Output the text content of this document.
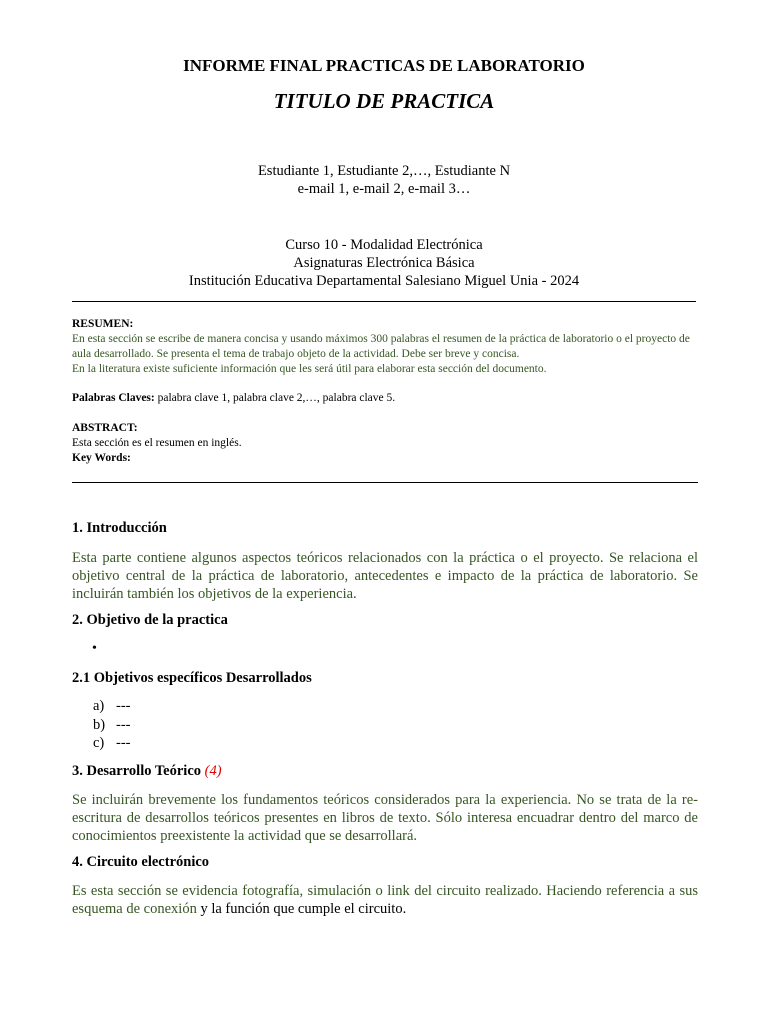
INFORME FINAL PRACTICAS DE LABORATORIO
TITULO DE PRACTICA
Estudiante 1, Estudiante 2,…, Estudiante N
e-mail 1, e-mail 2, e-mail 3…
Curso 10 - Modalidad Electrónica
Asignaturas Electrónica Básica
Institución Educativa Departamental Salesiano Miguel Unia - 2024
RESUMEN:
En esta sección se escribe de manera concisa y usando máximos 300 palabras el resumen de la práctica de laboratorio o el proyecto de aula desarrollado. Se presenta el tema de trabajo objeto de la actividad. Debe ser breve y concisa.
En la literatura existe suficiente información que les será útil para elaborar esta sección del documento.
Palabras Claves: palabra clave 1, palabra clave 2,…, palabra clave 5.
ABSTRACT:
Esta sección es el resumen en inglés.
Key Words:
1. Introducción
Esta parte contiene algunos aspectos teóricos relacionados con la práctica o el proyecto. Se relaciona el objetivo central de la práctica de laboratorio, antecedentes e impacto de la práctica de laboratorio. Se incluirán también los objetivos de la experiencia.
2. Objetivo de la practica
•
2.1 Objetivos específicos Desarrollados
a) ---
b) ---
c) ---
3. Desarrollo Teórico (4)
Se incluirán brevemente los fundamentos teóricos considerados para la experiencia. No se trata de la re-escritura de desarrollos teóricos presentes en libros de texto. Sólo interesa encuadrar dentro del marco de conocimientos preexistente la actividad que se desarrollará.
4. Circuito electrónico
Es esta sección se evidencia fotografía, simulación o link del circuito realizado. Haciendo referencia a sus esquema de conexión y la función que cumple el circuito.
